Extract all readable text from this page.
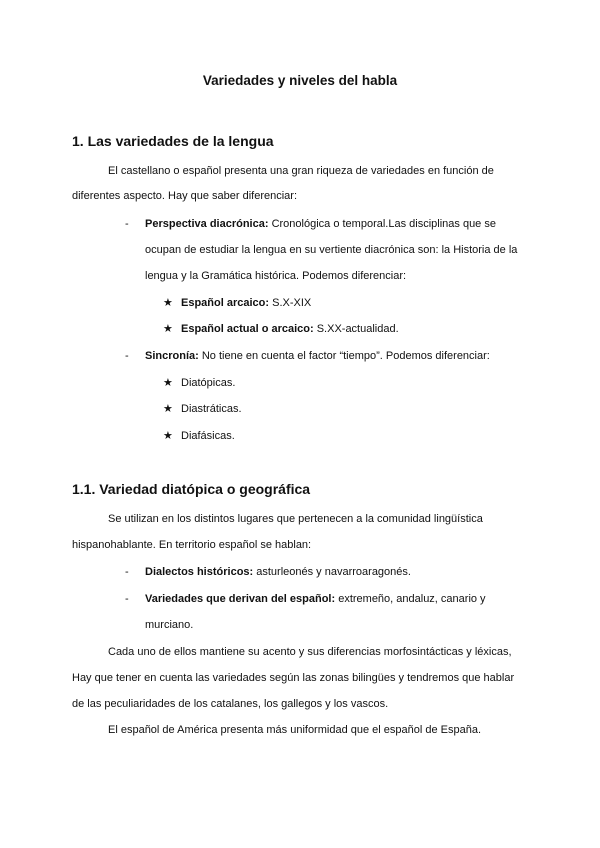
Variedades y niveles del habla
1. Las variedades de la lengua
El castellano o español presenta una gran riqueza de variedades en función de
diferentes aspecto. Hay que saber diferenciar:
- Perspectiva diacrónica: Cronológica o temporal.Las disciplinas que se
ocupan de estudiar la lengua en su vertiente diacrónica son: la Historia de la
lengua y la Gramática histórica. Podemos diferenciar:
★ Español arcaico: S.X-XIX
★ Español actual o arcaico: S.XX-actualidad.
- Sincronía: No tiene en cuenta el factor “tiempo”. Podemos diferenciar:
★ Diatópicas.
★ Diastráticas.
★ Diafásicas.
1.1. Variedad diatópica o geográfica
Se utilizan en los distintos lugares que pertenecen a la comunidad lingüística
hispanohablante. En territorio español se hablan:
- Dialectos históricos: asturleonés y navarroaragonés.
- Variedades que derivan del español: extremeño, andaluz, canario y
murciano.
Cada uno de ellos mantiene su acento y sus diferencias morfosintácticas y léxicas,
Hay que tener en cuenta las variedades según las zonas bilingües y tendremos que hablar
de las peculiaridades de los catalanes, los gallegos y los vascos.
El español de América presenta más uniformidad que el español de España.
